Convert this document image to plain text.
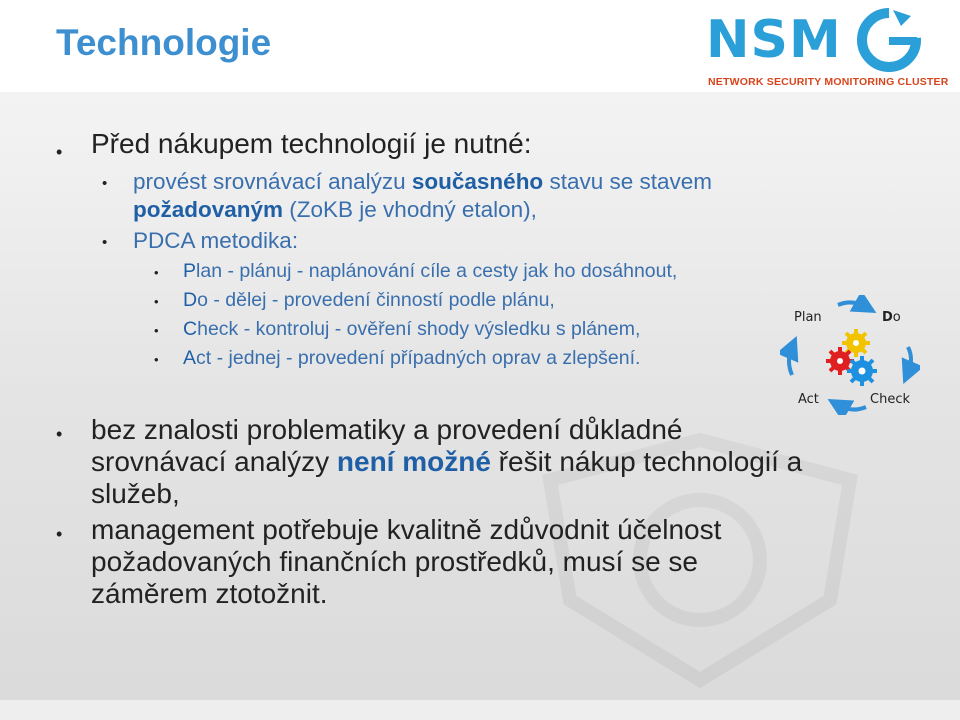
Technologie	NSM
NETWORK SECURITY MONITORING CLUSTER
• Před nákupem technologií je nutné:
• provést srovnávací analýzu současného stavu se stavem
požadovaným (ZoKB je vhodný etalon),
• PDCA metodika:
• Plan - plánuj - naplánování cíle a cesty jak ho dosáhnout,
• Do - dělej - provedení činností podle plánu,
• Check - kontroluj - ověření shody výsledku s plánem,
• Act - jednej - provedení případných oprav a zlepšení.
Plan	Do
Act	Check
• bez znalosti problematiky a provedení důkladné
srovnávací analýzy není možné řešit nákup technologií a
služeb,
• management potřebuje kvalitně zdůvodnit účelnost
požadovaných finančních prostředků, musí se se
záměrem ztotožnit.
